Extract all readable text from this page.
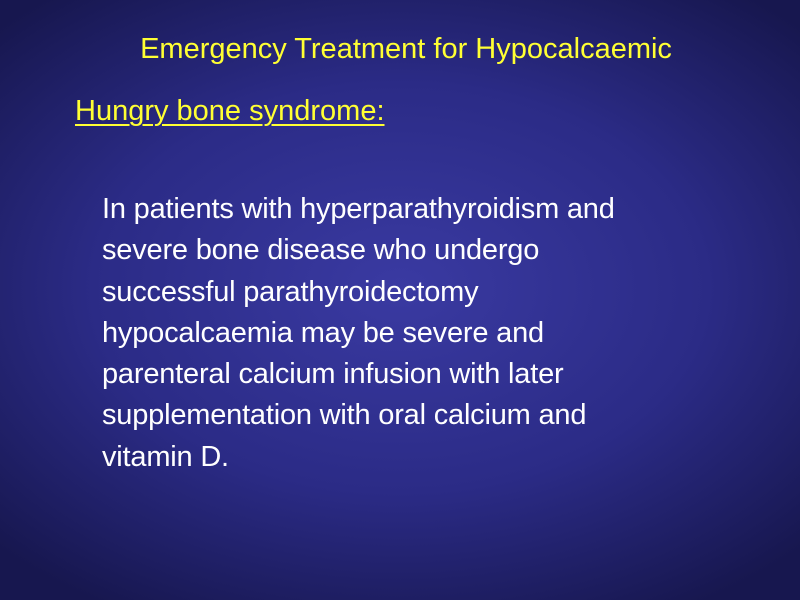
Emergency Treatment for Hypocalcaemic
Hungry bone syndrome:
In patients with hyperparathyroidism and
severe bone disease who undergo
successful parathyroidectomy
hypocalcaemia may be severe and
parenteral calcium infusion with later
supplementation with oral calcium and
vitamin D.
